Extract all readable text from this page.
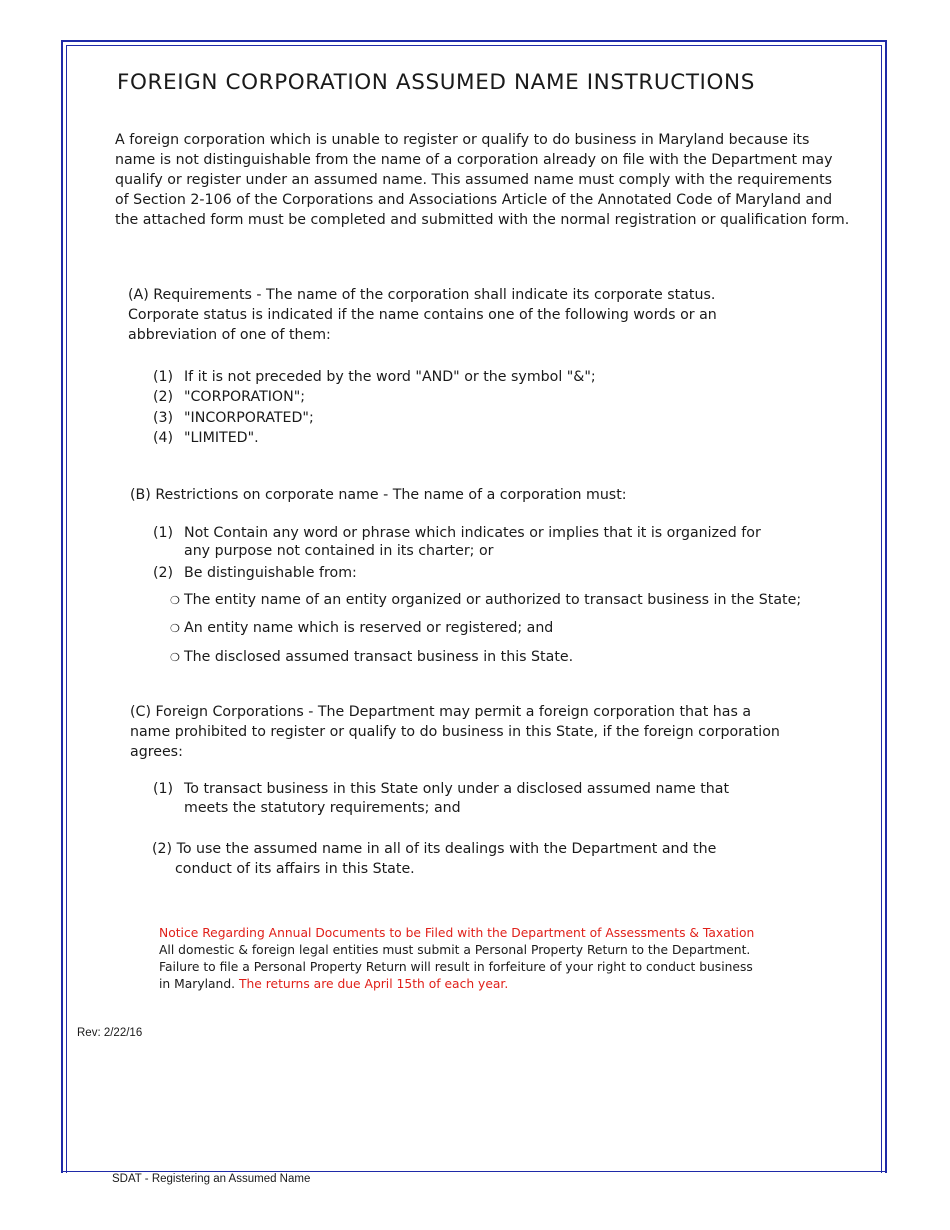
FOREIGN CORPORATION ASSUMED NAME INSTRUCTIONS
A foreign corporation which is unable to register or qualify to do business in Maryland because its
name is not distinguishable from the name of a corporation already on file with the Department may
qualify or register under an assumed name. This assumed name must comply with the requirements
of Section 2-106 of the Corporations and Associations Article of the Annotated Code of Maryland and
the attached form must be completed and submitted with the normal registration or qualification form.
(A) Requirements - The name of the corporation shall indicate its corporate status.
Corporate status is indicated if the name contains one of the following words or an
abbreviation of one of them:
(1) If it is not preceded by the word "AND" or the symbol "&";
(2) "CORPORATION";
(3) "INCORPORATED";
(4) "LIMITED".
(B) Restrictions on corporate name - The name of a corporation must:
(1) Not Contain any word or phrase which indicates or implies that it is organized for
any purpose not contained in its charter; or
(2) Be distinguishable from:
❍ The entity name of an entity organized or authorized to transact business in the State;
❍ An entity name which is reserved or registered; and
❍ The disclosed assumed transact business in this State.
(C) Foreign Corporations - The Department may permit a foreign corporation that has a
name prohibited to register or qualify to do business in this State, if the foreign corporation
agrees:
(1) To transact business in this State only under a disclosed assumed name that
meets the statutory requirements; and
(2) To use the assumed name in all of its dealings with the Department and the
conduct of its affairs in this State.
Notice Regarding Annual Documents to be Filed with the Department of Assessments & Taxation
All domestic & foreign legal entities must submit a Personal Property Return to the Department.
Failure to file a Personal Property Return will result in forfeiture of your right to conduct business
in Maryland. The returns are due April 15th of each year.
Rev: 2/22/16
SDAT - Registering an Assumed Name
